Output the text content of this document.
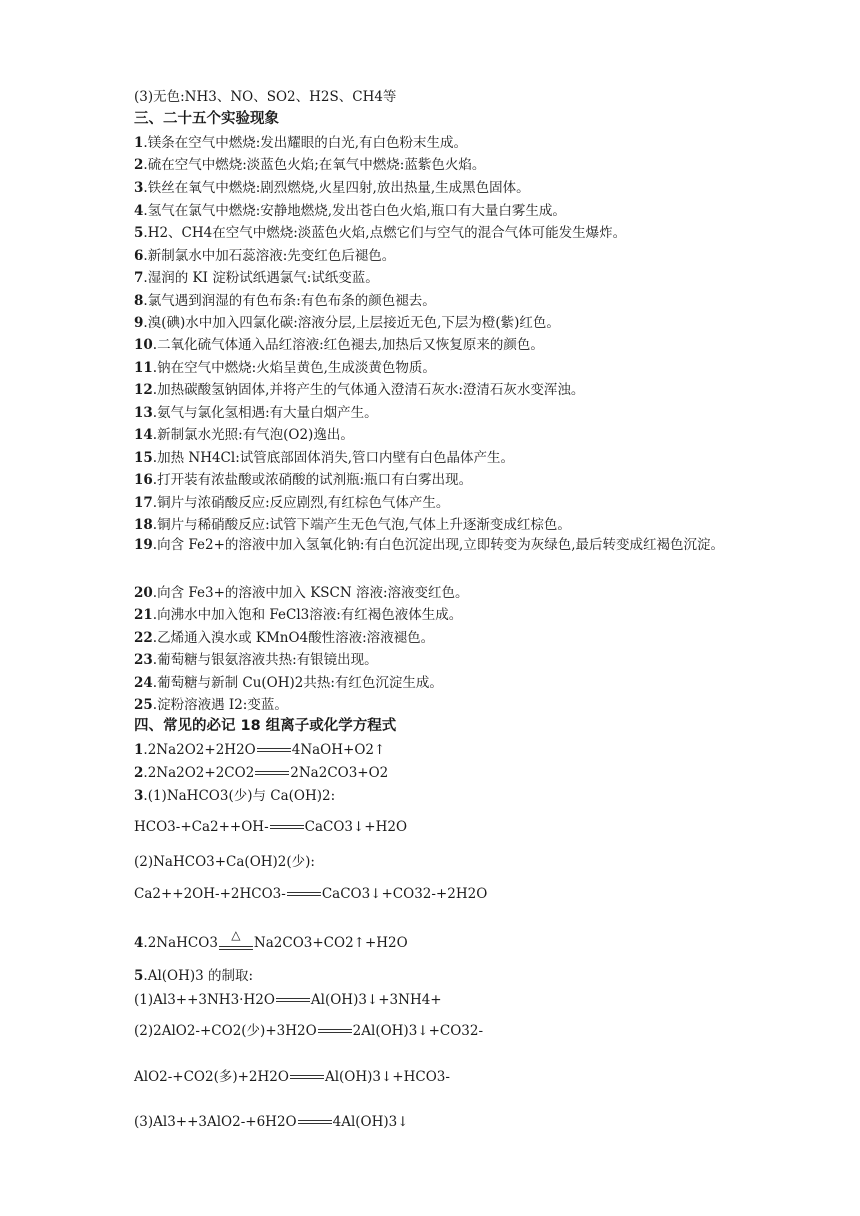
(3)无色:NH3、NO、SO2、H2S、CH4等
三、二十五个实验现象
1.镁条在空气中燃烧:发出耀眼的白光,有白色粉末生成。
2.硫在空气中燃烧:淡蓝色火焰;在氧气中燃烧:蓝紫色火焰。
3.铁丝在氧气中燃烧:剧烈燃烧,火星四射,放出热量,生成黑色固体。
4.氢气在氯气中燃烧:安静地燃烧,发出苍白色火焰,瓶口有大量白雾生成。
5.H2、CH4在空气中燃烧:淡蓝色火焰,点燃它们与空气的混合气体可能发生爆炸。
6.新制氯水中加石蕊溶液:先变红色后褪色。
7.湿润的 KI 淀粉试纸遇氯气:试纸变蓝。
8.氯气遇到润湿的有色布条:有色布条的颜色褪去。
9.溴(碘)水中加入四氯化碳:溶液分层,上层接近无色,下层为橙(紫)红色。
10.二氧化硫气体通入品红溶液:红色褪去,加热后又恢复原来的颜色。
11.钠在空气中燃烧:火焰呈黄色,生成淡黄色物质。
12.加热碳酸氢钠固体,并将产生的气体通入澄清石灰水:澄清石灰水变浑浊。
13.氨气与氯化氢相遇:有大量白烟产生。
14.新制氯水光照:有气泡(O2)逸出。
15.加热 NH4Cl:试管底部固体消失,管口内壁有白色晶体产生。
16.打开装有浓盐酸或浓硝酸的试剂瓶:瓶口有白雾出现。
17.铜片与浓硝酸反应:反应剧烈,有红棕色气体产生。
18.铜片与稀硝酸反应:试管下端产生无色气泡,气体上升逐渐变成红棕色。
19.向含 Fe2+的溶液中加入氢氧化钠:有白色沉淀出现,立即转变为灰绿色,最后转变成红褐色沉淀。
20.向含 Fe3+的溶液中加入 KSCN 溶液:溶液变红色。
21.向沸水中加入饱和 FeCl3溶液:有红褐色液体生成。
22.乙烯通入溴水或 KMnO4酸性溶液:溶液褪色。
23.葡萄糖与银氨溶液共热:有银镜出现。
24.葡萄糖与新制 Cu(OH)2共热:有红色沉淀生成。
25.淀粉溶液遇 I2:变蓝。
四、常见的必记 18 组离子或化学方程式
1.2Na2O2+2H2O	4NaOH+O2↑
2.2Na2O2+2CO2	2Na2CO3+O2
3.(1)NaHCO3(少)与 Ca(OH)2:
HCO3-+Ca2++OH-	CaCO3↓+H2O
(2)NaHCO3+Ca(OH)2(少):
Ca2++2OH-+2HCO3-	CaCO3↓+CO32-+2H2O
4.2NaHCO3	△ Na2CO3+CO2↑+H2O
5.Al(OH)3 的制取:
(1)Al3++3NH3·H2O	Al(OH)3↓+3NH4+
(2)2AlO2-+CO2(少)+3H2O	2Al(OH)3↓+CO32-
AlO2-+CO2(多)+2H2O	Al(OH)3↓+HCO3-
(3)Al3++3AlO2-+6H2O	4Al(OH)3↓
